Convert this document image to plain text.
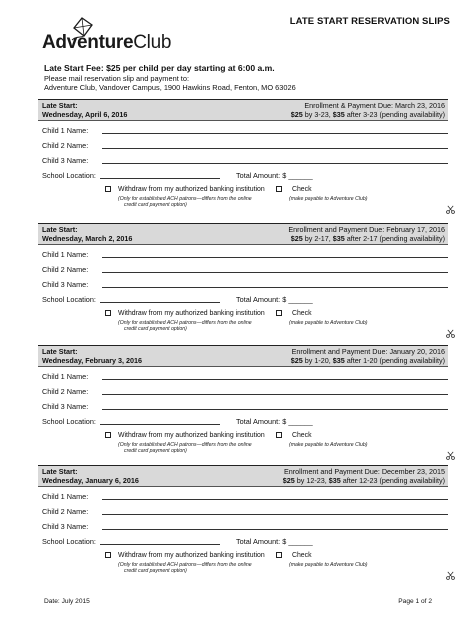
AdventureClub
LATE START RESERVATION SLIPS
Late Start Fee: $25 per child per day starting at 6:00 a.m.
Please mail reservation slip and payment to:
Adventure Club, Vandover Campus, 1900 Hawkins Road, Fenton, MO 63026
Late Start:
Wednesday, April 6, 2016
Enrollment & Payment Due: March 23, 2016
$25 by 3-23, $35 after 3-23 (pending availability)
Child 1 Name:
Child 2 Name:
Child 3 Name:
School Location:	Total Amount: $ ______
Withdraw from my authorized banking institution
(Only for established ACH patrons—differs from the online
credit card payment option)
Check
(make payable to Adventure Club)
Late Start:
Wednesday, March 2, 2016
Enrollment and Payment Due: February 17, 2016
$25 by 2-17, $35 after 2-17 (pending availability)
Child 1 Name:
Child 2 Name:
Child 3 Name:
School Location:	Total Amount: $ ______
Withdraw from my authorized banking institution
(Only for established ACH patrons—differs from the online
credit card payment option)
Check
(make payable to Adventure Club)
Late Start:
Wednesday, February 3, 2016
Enrollment and Payment Due: January 20, 2016
$25 by 1-20, $35 after 1-20 (pending availability)
Child 1 Name:
Child 2 Name:
Child 3 Name:
School Location:	Total Amount: $ ______
Withdraw from my authorized banking institution
(Only for established ACH patrons—differs from the online
credit card payment option)
Check
(make payable to Adventure Club)
Late Start:
Wednesday, January 6, 2016
Enrollment and Payment Due: December 23, 2015
$25 by 12-23, $35 after 12-23 (pending availability)
Child 1 Name:
Child 2 Name:
Child 3 Name:
School Location:	Total Amount: $ ______
Withdraw from my authorized banking institution
(Only for established ACH patrons—differs from the online
credit card payment option)
Check
(make payable to Adventure Club)
Date: July 2015	Page 1 of 2
